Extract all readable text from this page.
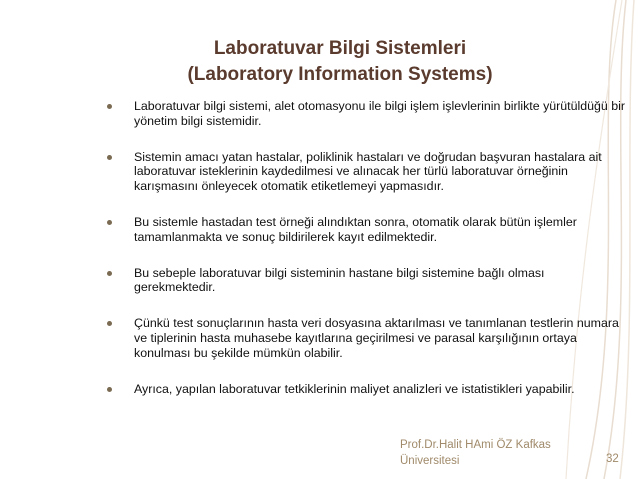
Laboratuvar Bilgi Sistemleri
(Laboratory Information Systems)
Laboratuvar bilgi sistemi, alet otomasyonu ile bilgi işlem işlevlerinin birlikte yürütüldüğü bir yönetim bilgi sistemidir.
Sistemin amacı yatan hastalar, poliklinik hastaları ve doğrudan başvuran hastalara ait laboratuvar isteklerinin kaydedilmesi ve alınacak her türlü laboratuvar örneğinin karışmasını önleyecek otomatik etiketlemeyi yapmasıdır.
Bu sistemle hastadan test örneği alındıktan sonra, otomatik olarak bütün işlemler tamamlanmakta ve sonuç bildirilerek kayıt edilmektedir.
Bu sebeple laboratuvar bilgi sisteminin hastane bilgi sistemine bağlı olması gerekmektedir.
Çünkü test sonuçlarının hasta veri dosyasına aktarılması ve tanımlanan testlerin numara ve tiplerinin hasta muhasebe kayıtlarına geçirilmesi ve parasal karşılığının ortaya konulması bu şekilde mümkün olabilir.
Ayrıca, yapılan laboratuvar tetkiklerinin maliyet analizleri ve istatistikleri yapabilir.
Prof.Dr.Halit HAmi ÖZ Kafkas Üniversitesi	32
